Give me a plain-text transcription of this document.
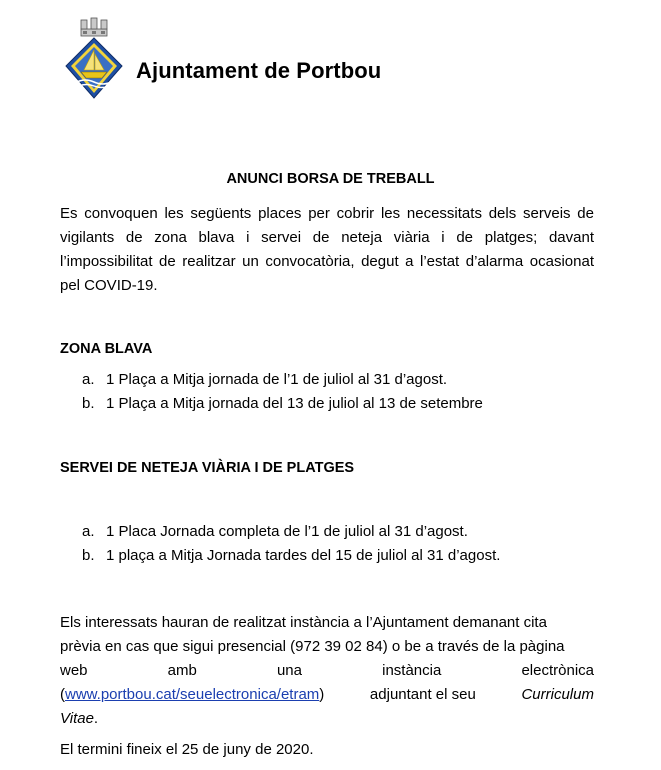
Ajuntament de Portbou
ANUNCI BORSA DE TREBALL

Es convoquen les següents places per cobrir les necessitats dels serveis de vigilants de zona blava i servei de neteja viària i de platges; davant l’impossibilitat de realitzar un convocatòria, degut a l’estat d’alarma ocasionat pel COVID-19.

ZONA BLAVA
a. 1 Plaça a Mitja jornada de l’1 de juliol al 31 d’agost.
b. 1 Plaça a Mitja jornada del 13 de juliol al 13 de setembre
SERVEI DE NETEJA VIÀRIA I DE PLATGES
a. 1 Placa Jornada completa de l’1 de juliol al 31 d’agost.
b. 1 plaça a Mitja Jornada tardes del 15 de juliol al 31 d’agost.
Els interessats hauran de realitzat instància a l’Ajuntament demanant cita
prèvia en cas que sigui presencial (972 39 02 84) o be a través de la pàgina
web	amb	una	instància	electrònica
(www.portbou.cat/seuelectronica/etram)	adjuntant el seu	Curriculum
Vitae.

El termini fineix el 25 de juny de 2020.
